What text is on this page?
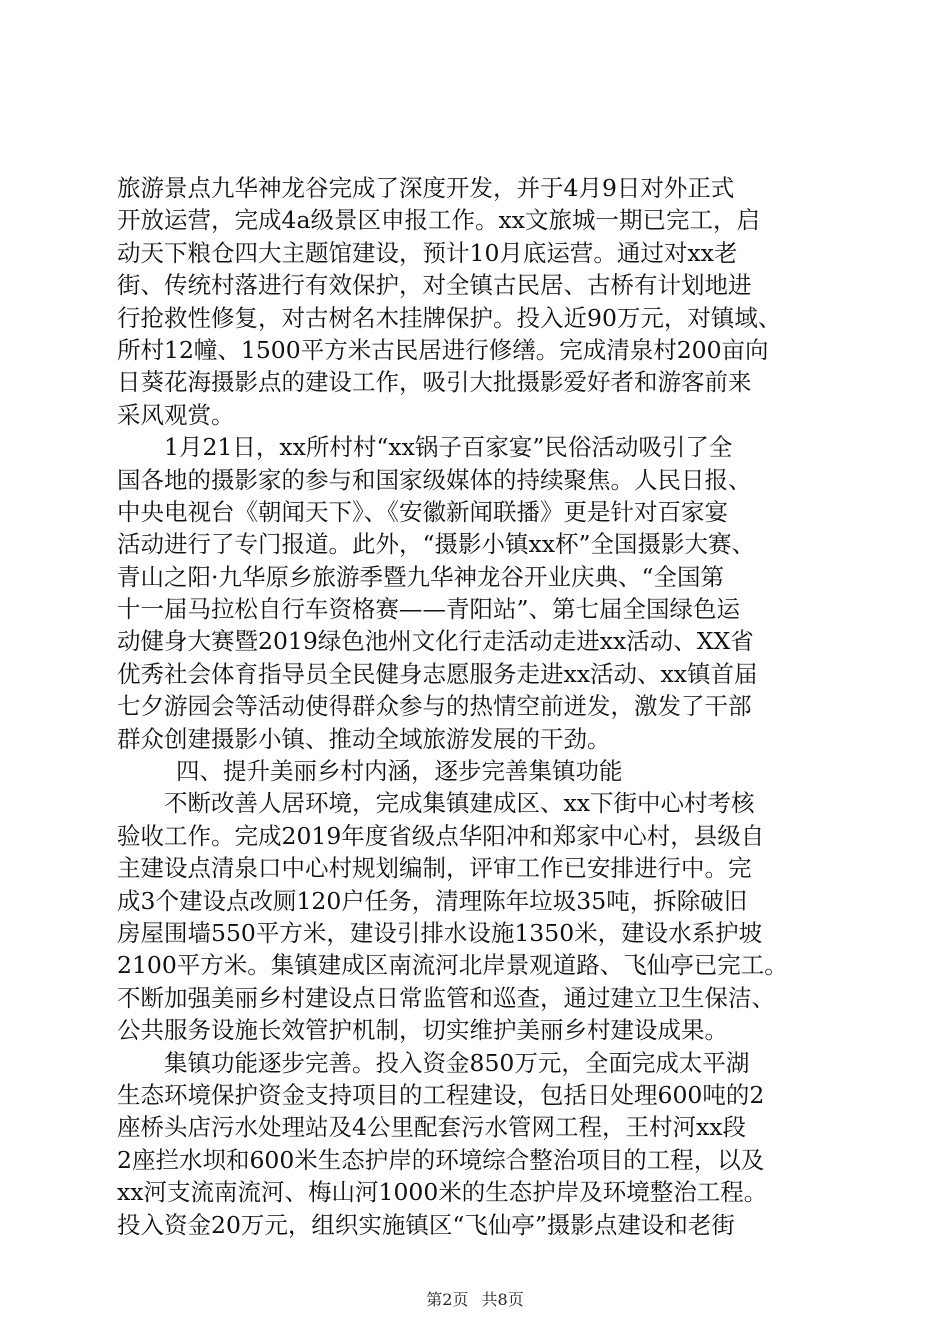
旅游景点九华神龙谷完成了深度开发，并于4月9日对外正式
开放运营，完成4a级景区申报工作。xx文旅城一期已完工，启
动天下粮仓四大主题馆建设，预计10月底运营。通过对xx老
街、传统村落进行有效保护，对全镇古民居、古桥有计划地进
行抢救性修复，对古树名木挂牌保护。投入近90万元，对镇域、
所村12幢、1500平方米古民居进行修缮。完成清泉村200亩向
日葵花海摄影点的建设工作，吸引大批摄影爱好者和游客前来
采风观赏。
1月21日，xx所村村“xx锅子百家宴”民俗活动吸引了全
国各地的摄影家的参与和国家级媒体的持续聚焦。人民日报、
中央电视台《朝闻天下》、《安徽新闻联播》更是针对百家宴
活动进行了专门报道。此外，“摄影小镇xx杯”全国摄影大赛、
青山之阳·九华原乡旅游季暨九华神龙谷开业庆典、“全国第
十一届马拉松自行车资格赛——青阳站”、第七届全国绿色运
动健身大赛暨2019绿色池州文化行走活动走进xx活动、XX省
优秀社会体育指导员全民健身志愿服务走进xx活动、xx镇首届
七夕游园会等活动使得群众参与的热情空前迸发，激发了干部
群众创建摄影小镇、推动全域旅游发展的干劲。
四、提升美丽乡村内涵，逐步完善集镇功能
不断改善人居环境，完成集镇建成区、xx下街中心村考核
验收工作。完成2019年度省级点华阳冲和郑家中心村，县级自
主建设点清泉口中心村规划编制，评审工作已安排进行中。完
成3个建设点改厕120户任务，清理陈年垃圾35吨，拆除破旧
房屋围墙550平方米，建设引排水设施1350米，建设水系护坡
2100平方米。集镇建成区南流河北岸景观道路、飞仙亭已完工。
不断加强美丽乡村建设点日常监管和巡查，通过建立卫生保洁、
公共服务设施长效管护机制，切实维护美丽乡村建设成果。
集镇功能逐步完善。投入资金850万元，全面完成太平湖
生态环境保护资金支持项目的工程建设，包括日处理600吨的2
座桥头店污水处理站及4公里配套污水管网工程，王村河xx段
2座拦水坝和600米生态护岸的环境综合整治项目的工程，以及
xx河支流南流河、梅山河1000米的生态护岸及环境整治工程。
投入资金20万元，组织实施镇区“飞仙亭”摄影点建设和老街
第2页 共8页
